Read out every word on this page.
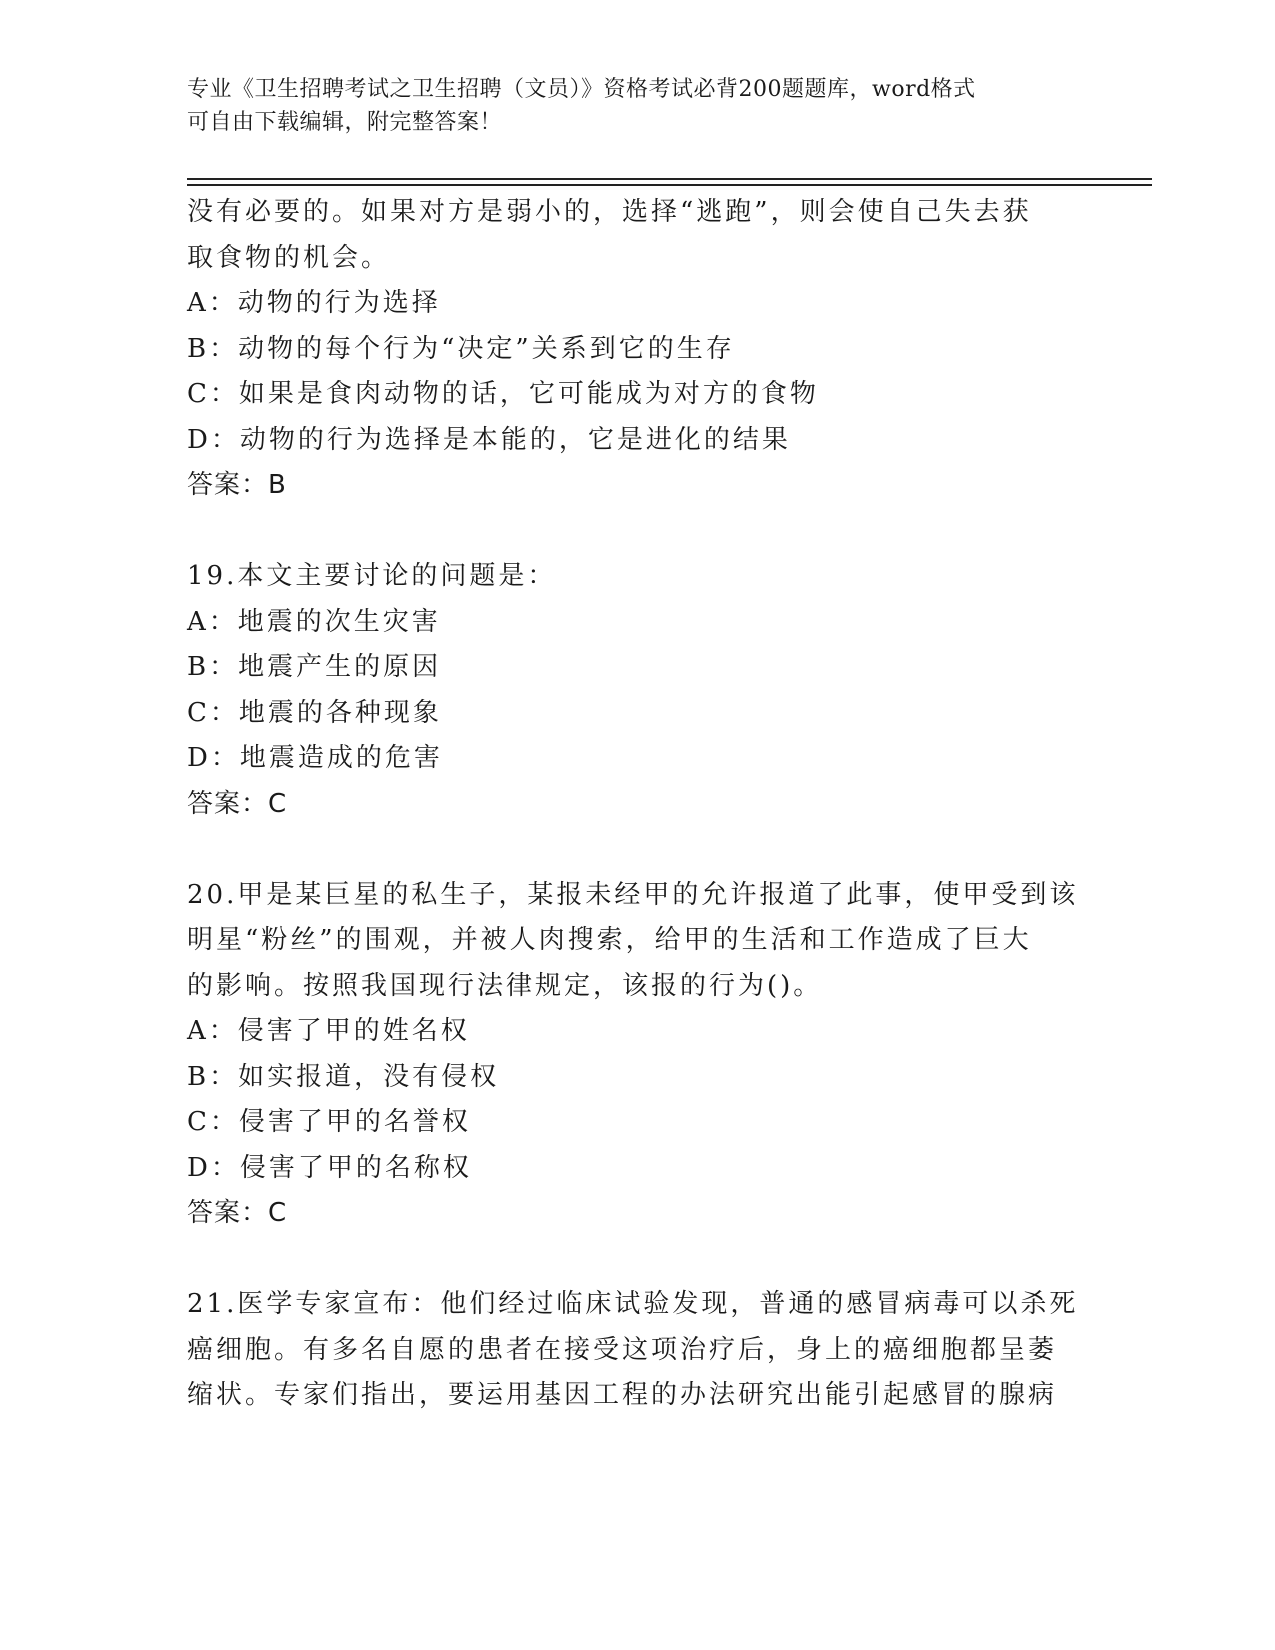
专业《卫生招聘考试之卫生招聘（文员）》资格考试必背200题题库，word格式
可自由下载编辑，附完整答案！
没有必要的。如果对方是弱小的，选择“逃跑”，则会使自己失去获
取食物的机会。
A：动物的行为选择
B：动物的每个行为“决定”关系到它的生存
C：如果是食肉动物的话，它可能成为对方的食物
D：动物的行为选择是本能的，它是进化的结果
答案：B
19.本文主要讨论的问题是：
A：地震的次生灾害
B：地震产生的原因
C：地震的各种现象
D：地震造成的危害
答案：C
20.甲是某巨星的私生子，某报未经甲的允许报道了此事，使甲受到该
明星“粉丝”的围观，并被人肉搜索，给甲的生活和工作造成了巨大
的影响。按照我国现行法律规定，该报的行为()。
A：侵害了甲的姓名权
B：如实报道，没有侵权
C：侵害了甲的名誉权
D：侵害了甲的名称权
答案：C
21.医学专家宣布：他们经过临床试验发现，普通的感冒病毒可以杀死
癌细胞。有多名自愿的患者在接受这项治疗后，身上的癌细胞都呈萎
缩状。专家们指出，要运用基因工程的办法研究出能引起感冒的腺病
